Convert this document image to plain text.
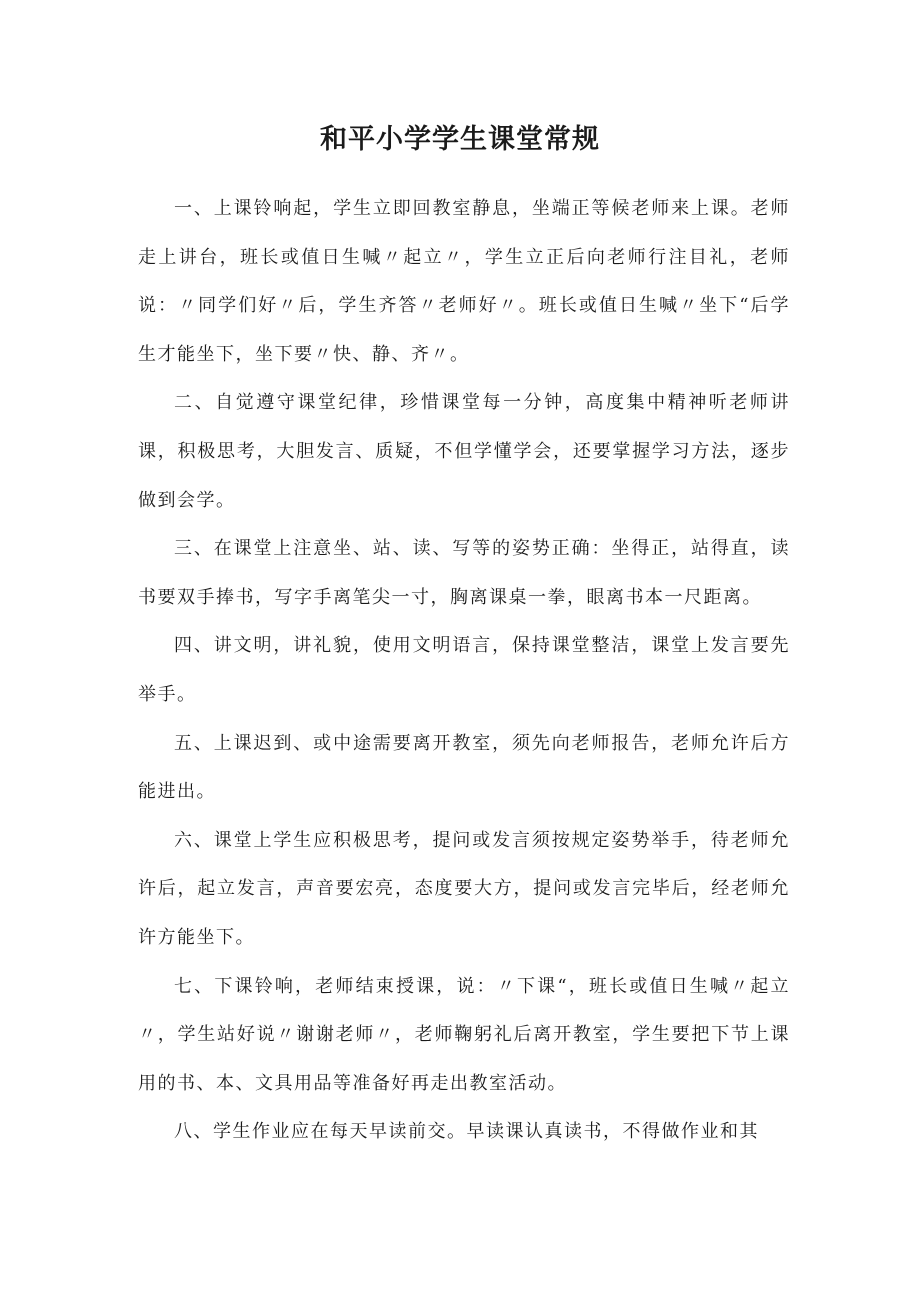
和平小学学生课堂常规

一、上课铃响起，学生立即回教室静息，坐端正等候老师来上课。老师走上讲台，班长或值日生喊〃起立〃，学生立正后向老师行注目礼，老师说：〃同学们好〃后，学生齐答〃老师好〃。班长或值日生喊〃坐下“后学生才能坐下，坐下要〃快、静、齐〃。

二、自觉遵守课堂纪律，珍惜课堂每一分钟，高度集中精神听老师讲课，积极思考，大胆发言、质疑，不但学懂学会，还要掌握学习方法，逐步做到会学。

三、在课堂上注意坐、站、读、写等的姿势正确：坐得正，站得直，读书要双手捧书，写字手离笔尖一寸，胸离课桌一拳，眼离书本一尺距离。

四、讲文明，讲礼貌，使用文明语言，保持课堂整洁，课堂上发言要先举手。

五、上课迟到、或中途需要离开教室，须先向老师报告，老师允许后方能进出。

六、课堂上学生应积极思考，提问或发言须按规定姿势举手，待老师允许后，起立发言，声音要宏亮，态度要大方，提问或发言完毕后，经老师允许方能坐下。

七、下课铃响，老师结束授课，说：〃下课“，班长或值日生喊〃起立〃，学生站好说〃谢谢老师〃，老师鞠躬礼后离开教室，学生要把下节上课用的书、本、文具用品等准备好再走出教室活动。

八、学生作业应在每天早读前交。早读课认真读书，不得做作业和其
